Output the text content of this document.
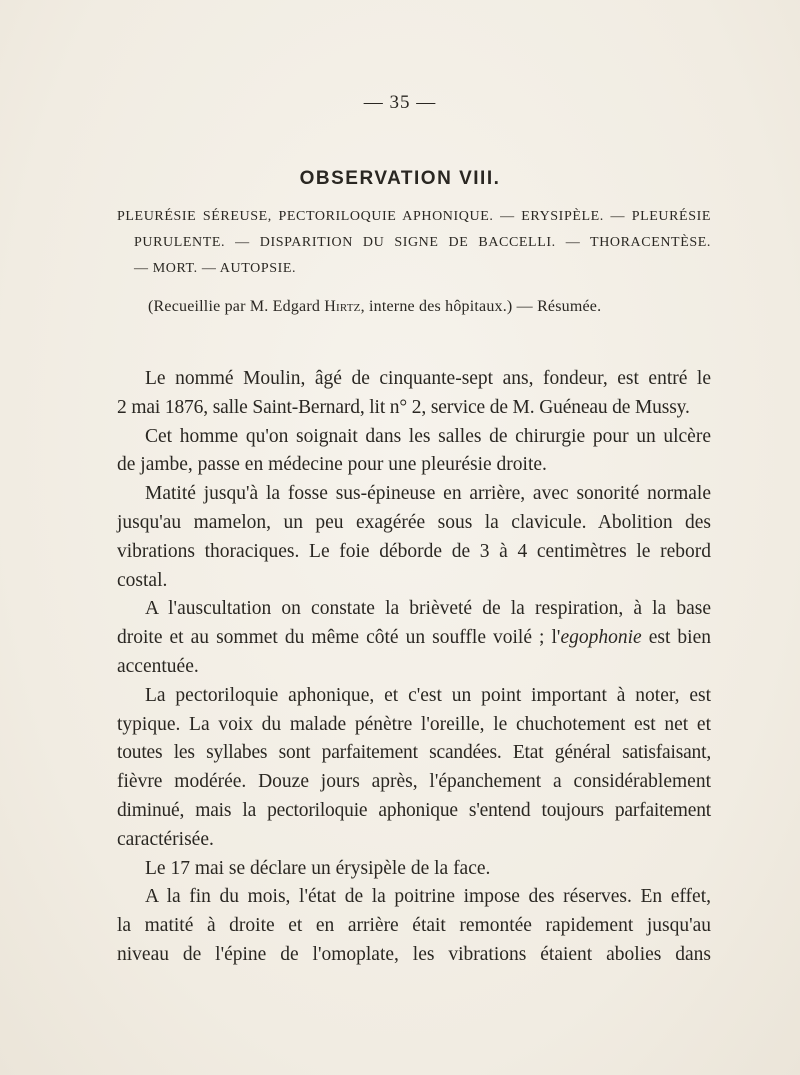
— 35 —
OBSERVATION VIII.

PLEURÉSIE SÉREUSE, PECTORILOQUIE APHONIQUE. — ERYSIPÈLE. — PLEURÉSIE
PURULENTE. — DISPARITION DU SIGNE DE BACCELLI. — THORACENTÈSE.
— MORT. — AUTOPSIE.

(Recueillie par M. Edgard Hirtz, interne des hôpitaux.) — Résumée.

Le nommé Moulin, âgé de cinquante-sept ans, fondeur, est entré le
2 mai 1876, salle Saint-Bernard, lit n° 2, service de M. Guéneau de Mussy.

Cet homme qu'on soignait dans les salles de chirurgie pour un ulcère
de jambe, passe en médecine pour une pleurésie droite.

Matité jusqu'à la fosse sus-épineuse en arrière, avec sonorité normale
jusqu'au mamelon, un peu exagérée sous la clavicule. Abolition des
vibrations thoraciques. Le foie déborde de 3 à 4 centimètres le rebord
costal.

A l'auscultation on constate la brièveté de la respiration, à la base
droite et au sommet du même côté un souffle voilé ; l'egophonie est bien
accentuée.

La pectoriloquie aphonique, et c'est un point important à noter, est
typique. La voix du malade pénètre l'oreille, le chuchotement est net et
toutes les syllabes sont parfaitement scandées. Etat général satisfaisant,
fièvre modérée. Douze jours après, l'épanchement a considérablement
diminué, mais la pectoriloquie aphonique s'entend toujours parfaitement
caractérisée.

Le 17 mai se déclare un érysipèle de la face.

A la fin du mois, l'état de la poitrine impose des réserves. En effet,
la matité à droite et en arrière était remontée rapidement jusqu'au
niveau de l'épine de l'omoplate, les vibrations étaient abolies dans
